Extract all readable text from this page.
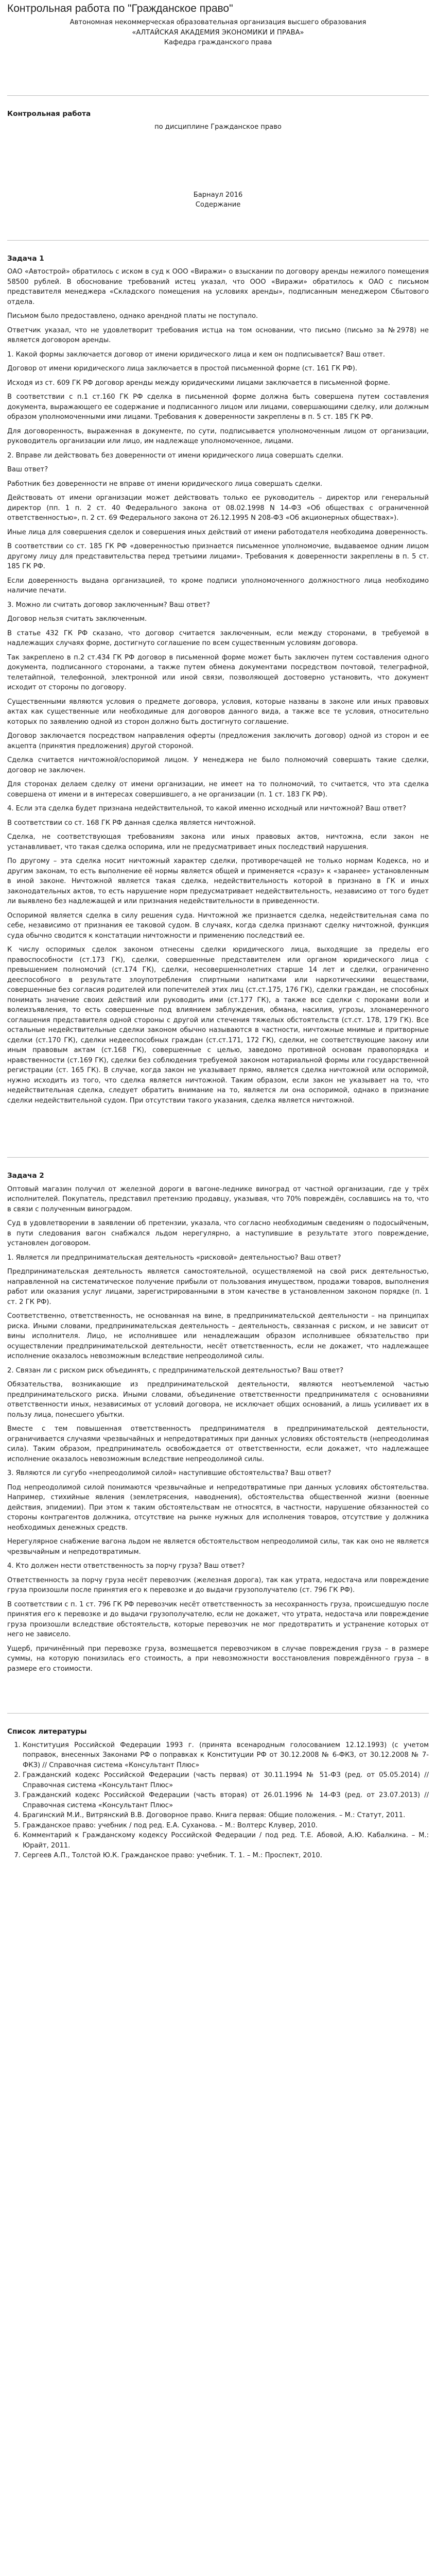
Контрольная работа по "Гражданское право"

Автономная некоммерческая образовательная организация высшего образования

«АЛТАЙСКАЯ АКАДЕМИЯ ЭКОНОМИКИ И ПРАВА»

Кафедра гражданского права

Контрольная работа

по дисциплине Гражданское право

Барнаул 2016

Содержание

Задача 1

ОАО «Автострой» обратилось с иском в суд к ООО «Виражи» о взыскании по договору аренды нежилого помещения 58500 рублей. В обоснование требований истец указал, что ООО «Виражи» обратилось к ОАО с письмом представителя менеджера «Складского помещения на условиях аренды», подписанным менеджером Сбытового отдела.

Письмом было предоставлено, однако арендной платы не поступало.

Ответчик указал, что не удовлетворит требования истца на том основании, что письмо (письмо за №2978) не является договором аренды.

1. Какой формы заключается договор от имени юридического лица и кем он подписывается? Ваш ответ.

Договор от имени юридического лица заключается в простой письменной форме (ст. 161 ГК РФ).

Исходя из ст. 609 ГК РФ договор аренды между юридическими лицами заключается в письменной форме.

В соответствии с п.1 ст.160 ГК РФ сделка в письменной форме должна быть совершена путем составления документа, выражающего ее содержание и подписанного лицом или лицами, совершающими сделку, или должным образом уполномоченными ими лицами. Требования к доверенности закреплены в п. 5 ст. 185 ГК РФ.

Для договоренность, выраженная в документе, по сути, подписывается уполномоченным лицом от организации, руководитель организации или лицо, им надлежаще уполномоченное, лицами.

2. Вправе ли действовать без доверенности от имени юридического лица совершать сделки.

Ваш ответ?

Работник без доверенности не вправе от имени юридического лица совершать сделки.

Действовать от имени организации может действовать только ее руководитель – директор или генеральный директор (пп. 1 п. 2 ст. 40 Федерального закона от 08.02.1998 N 14-ФЗ «Об обществах с ограниченной ответственностью», п. 2 ст. 69 Федерального закона от 26.12.1995 N 208-ФЗ «Об акционерных обществах»).

Иные лица для совершения сделок и совершения иных действий от имени работодателя необходима доверенность.

В соответствии со ст. 185 ГК РФ «доверенностью признается письменное уполномочие, выдаваемое одним лицом другому лицу для представительства перед третьими лицами». Требования к доверенности закреплены в п. 5 ст. 185 ГК РФ.

Если доверенность выдана организацией, то кроме подписи уполномоченного должностного лица необходимо наличие печати.

3. Можно ли считать договор заключенным? Ваш ответ?

Договор нельзя считать заключенным.

В статье 432 ГК РФ сказано, что договор считается заключенным, если между сторонами, в требуемой в надлежащих случаях форме, достигнуто соглашение по всем существенным условиям договора.

Так закреплено в п.2 ст.434 ГК РФ договор в письменной форме может быть заключен путем составления одного документа, подписанного сторонами, а также путем обмена документами посредством почтовой, телеграфной, телетайпной, телефонной, электронной или иной связи, позволяющей достоверно установить, что документ исходит от стороны по договору.

Существенными являются условия о предмете договора, условия, которые названы в законе или иных правовых актах как существенные или необходимые для договоров данного вида, а также все те условия, относительно которых по заявлению одной из сторон должно быть достигнуто соглашение.

Договор заключается посредством направления оферты (предложения заключить договор) одной из сторон и ее акцепта (принятия предложения) другой стороной.

Сделка считается ничтожной/оспоримой лицом. У менеджера не было полномочий совершать такие сделки, договор не заключен.

Для сторонах делаем сделку от имени организации, не имеет на то полномочий, то считается, что эта сделка совершена от имени и в интересах совершившего, а не организации (п. 1 ст. 183 ГК РФ).

4. Если эта сделка будет признана недействительной, то какой именно исходный или ничтожной? Ваш ответ?

В соответствии со ст. 168 ГК РФ данная сделка является ничтожной.

Сделка, не соответствующая требованиям закона или иных правовых актов, ничтожна, если закон не устанавливает, что такая сделка оспорима, или не предусматривает иных последствий нарушения.

По другому – эта сделка носит ничтожный характер сделки, противоречащей не только нормам Кодекса, но и другим законам, то есть выполнение её нормы является общей и применяется «сразу» к «заранее» установленным в иной законе. Ничтожной является такая сделка, недействительность которой в признано в ГК и иных законодательных актов, то есть нарушение норм предусматривает недействительность, независимо от того будет ли выявлено без надлежащей и или признания недействительности в приведенности.

Оспоримой является сделка в силу решения суда. Ничтожной же признается сделка, недействительная сама по себе, независимо от признания ее таковой судом. В случаях, когда сделка признают сделку ничтожной, функция суда обычно сводится к констатации ничтожности и применению последствий ее.

К числу оспоримых сделок законом отнесены сделки юридического лица, выходящие за пределы его правоспособности (ст.173 ГК), сделки, совершенные представителем или органом юридического лица с превышением полномочий (ст.174 ГК), сделки, несовершеннолетних старше 14 лет и сделки, ограниченно дееспособного в результате злоупотребления спиртными напитками или наркотическими веществами, совершенные без согласия родителей или попечителей этих лиц (ст.ст.175, 176 ГК), сделки граждан, не способных понимать значение своих действий или руководить ими (ст.177 ГК), а также все сделки с пороками воли и волеизъявления, то есть совершенные под влиянием заблуждения, обмана, насилия, угрозы, злонамеренного соглашения представителя одной стороны с другой или стечения тяжелых обстоятельств (ст.ст. 178, 179 ГК). Все остальные недействительные сделки законом обычно называются в частности, ничтожные мнимые и притворные сделки (ст.170 ГК), сделки недееспособных граждан (ст.ст.171, 172 ГК), сделки, не соответствующие закону или иным правовым актам (ст.168 ГК), совершенные с целью, заведомо противной основам правопорядка и нравственности (ст.169 ГК), сделки без соблюдения требуемой законом нотариальной формы или государственной регистрации (ст. 165 ГК). В случае, когда закон не указывает прямо, является сделка ничтожной или оспоримой, нужно исходить из того, что сделка является ничтожной. Таким образом, если закон не указывает на то, что недействительная сделка, следует обратить внимание на то, является ли она оспоримой, однако в признание сделки недействительной судом. При отсутствии такого указания, сделка является ничтожной.

Задача 2

Оптовый магазин получил от железной дороги в вагоне-леднике виноград от частной организации, где у трёх исполнителей. Покупатель, представил претензию продавцу, указывая, что 70% повреждён, сославшись на то, что в связи с полученным виноградом.

Суд в удовлетворении в заявлении об претензии, указала, что согласно необходимым сведениям о подосыйченым, в пути следования вагон снабжался льдом нерегулярно, а наступившие в результате этого повреждение, установлен договором.

1. Является ли предпринимательская деятельность «рисковой» деятельностью? Ваш ответ?

Предпринимательская деятельность является самостоятельной, осуществляемой на свой риск деятельностью, направленной на систематическое получение прибыли от пользования имуществом, продажи товаров, выполнения работ или оказания услуг лицами, зарегистрированными в этом качестве в установленном законом порядке (п. 1 ст. 2 ГК РФ).

Соответственно, ответственность, не основанная на вине, в предпринимательской деятельности – на принципах риска. Иными словами, предпринимательская деятельность – деятельность, связанная с риском, и не зависит от вины исполнителя. Лицо, не исполнившее или ненадлежащим образом исполнившее обязательство при осуществлении предпринимательской деятельности, несёт ответственность, если не докажет, что надлежащее исполнение оказалось невозможным вследствие непреодолимой силы.

2. Связан ли с риском риск объединять, с предпринимательской деятельностью? Ваш ответ?

Обязательства, возникающие из предпринимательской деятельности, являются неотъемлемой частью предпринимательского риска. Иными словами, объединение ответственности предпринимателя с основаниями ответственности иных, независимых от условий договора, не исключает общих оснований, а лишь усиливает их в пользу лица, понесшего убытки.

Вместе с тем повышенная ответственность предпринимателя в предпринимательской деятельности, ограничивается случаями чрезвычайных и непредотвратимых при данных условиях обстоятельств (непреодолимая сила). Таким образом, предприниматель освобождается от ответственности, если докажет, что надлежащее исполнение оказалось невозможным вследствие непреодолимой силы.

3. Являются ли сугубо «непреодолимой силой» наступившие обстоятельства? Ваш ответ?

Под непреодолимой силой понимаются чрезвычайные и непредотвратимые при данных условиях обстоятельства. Например, стихийные явления (землетрясения, наводнения), обстоятельства общественной жизни (военные действия, эпидемии). При этом к таким обстоятельствам не относятся, в частности, нарушение обязанностей со стороны контрагентов должника, отсутствие на рынке нужных для исполнения товаров, отсутствие у должника необходимых денежных средств.

Нерегулярное снабжение вагона льдом не является обстоятельством непреодолимой силы, так как оно не является чрезвычайным и непредотвратимым.

4. Кто должен нести ответственность за порчу груза? Ваш ответ?

Ответственность за порчу груза несёт перевозчик (железная дорога), так как утрата, недостача или повреждение груза произошли после принятия его к перевозке и до выдачи грузополучателю (ст. 796 ГК РФ).

В соответствии с п. 1 ст. 796 ГК РФ перевозчик несёт ответственность за несохранность груза, происшедшую после принятия его к перевозке и до выдачи грузополучателю, если не докажет, что утрата, недостача или повреждение груза произошли вследствие обстоятельств, которые перевозчик не мог предотвратить и устранение которых от него не зависело.

Ущерб, причинённый при перевозке груза, возмещается перевозчиком в случае повреждения груза – в размере суммы, на которую понизилась его стоимость, а при невозможности восстановления повреждённого груза – в размере его стоимости.

Список литературы
1. Конституция Российской Федерации 1993 г. (принята всенародным голосованием 12.12.1993) (с учетом поправок, внесенных Законами РФ о поправках к Конституции РФ от 30.12.2008 № 6-ФКЗ, от 30.12.2008 № 7-ФКЗ) // Справочная система «Консультант Плюс»
2. Гражданский кодекс Российской Федерации (часть первая) от 30.11.1994 № 51-ФЗ (ред. от 05.05.2014) // Справочная система «Консультант Плюс»
3. Гражданский кодекс Российской Федерации (часть вторая) от 26.01.1996 № 14-ФЗ (ред. от 23.07.2013) // Справочная система «Консультант Плюс»
4. Брагинский М.И., Витрянский В.В. Договорное право. Книга первая: Общие положения. – М.: Статут, 2011.
5. Гражданское право: учебник / под ред. Е.А. Суханова. – М.: Волтерс Клувер, 2010.
6. Комментарий к Гражданскому кодексу Российской Федерации / под ред. Т.Е. Абовой, А.Ю. Кабалкина. – М.: Юрайт, 2011.
7. Сергеев А.П., Толстой Ю.К. Гражданское право: учебник. Т. 1. – М.: Проспект, 2010.
